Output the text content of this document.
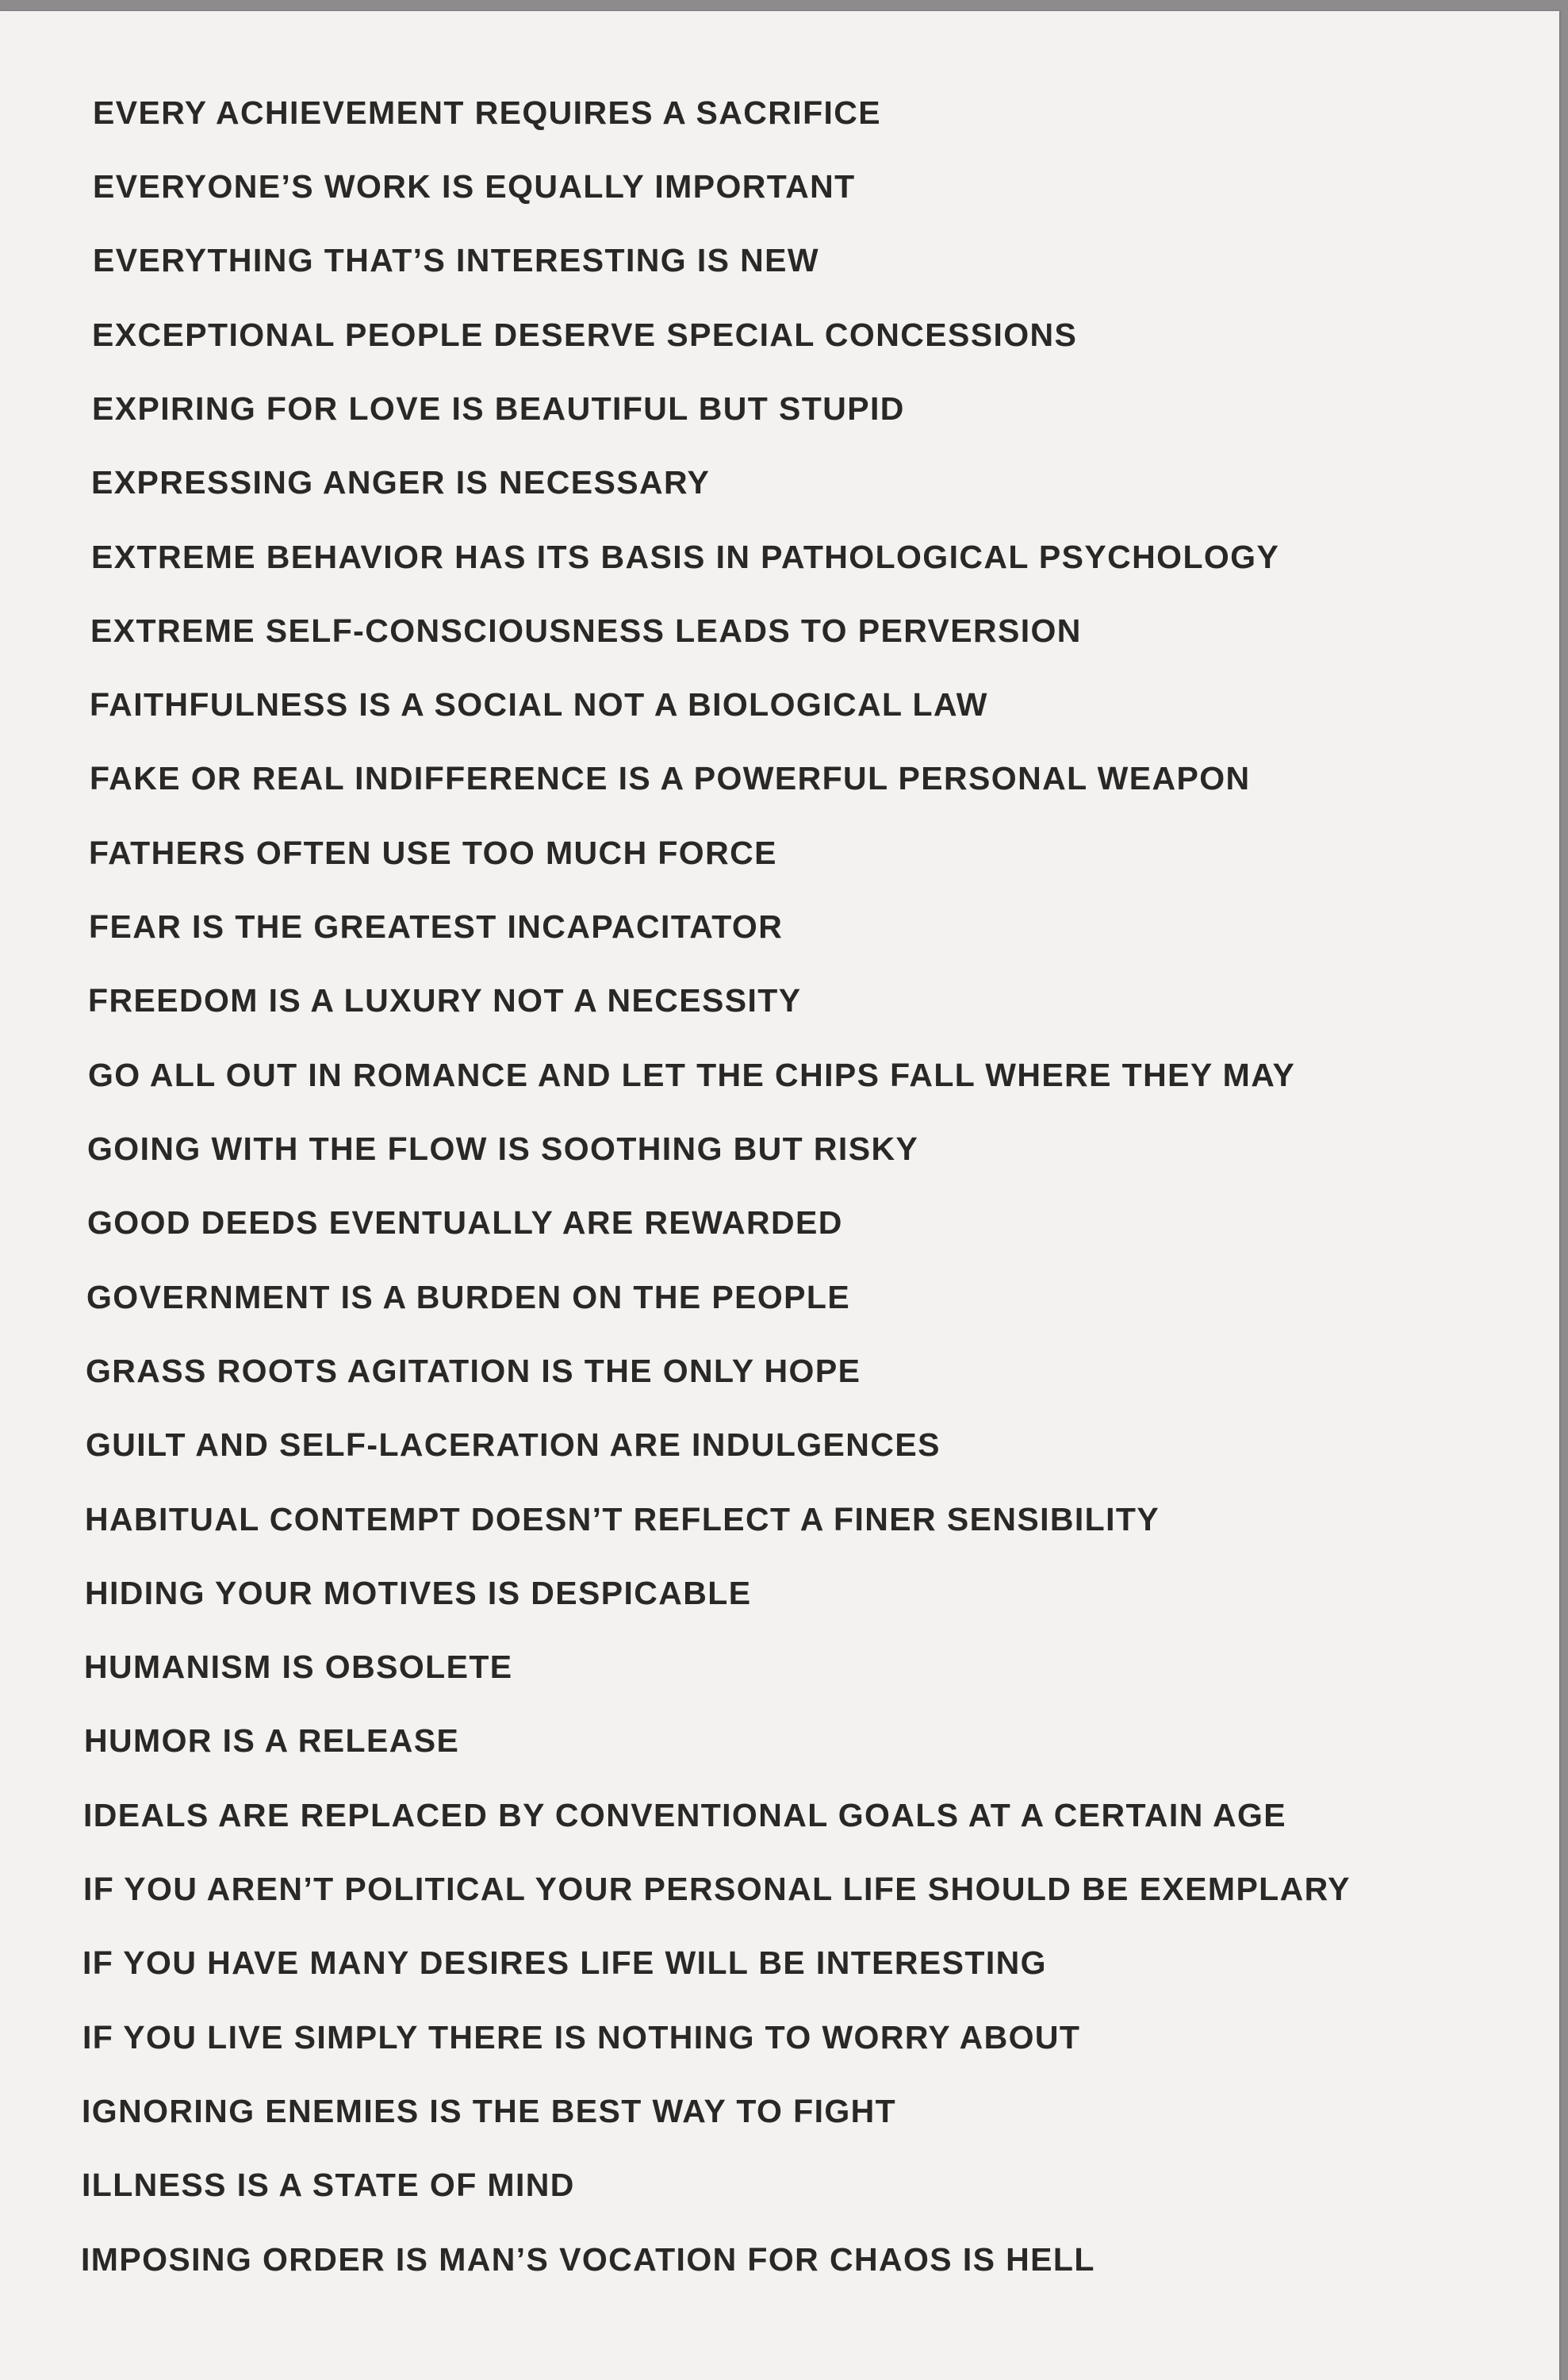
EVERY ACHIEVEMENT REQUIRES A SACRIFICE

EVERYONE’S WORK IS EQUALLY IMPORTANT

EVERYTHING THAT’S INTERESTING IS NEW

EXCEPTIONAL PEOPLE DESERVE SPECIAL CONCESSIONS

EXPIRING FOR LOVE IS BEAUTIFUL BUT STUPID

EXPRESSING ANGER IS NECESSARY

EXTREME BEHAVIOR HAS ITS BASIS IN PATHOLOGICAL PSYCHOLOGY

EXTREME SELF-CONSCIOUSNESS LEADS TO PERVERSION

FAITHFULNESS IS A SOCIAL NOT A BIOLOGICAL LAW

FAKE OR REAL INDIFFERENCE IS A POWERFUL PERSONAL WEAPON

FATHERS OFTEN USE TOO MUCH FORCE

FEAR IS THE GREATEST INCAPACITATOR

FREEDOM IS A LUXURY NOT A NECESSITY

GO ALL OUT IN ROMANCE AND LET THE CHIPS FALL WHERE THEY MAY

GOING WITH THE FLOW IS SOOTHING BUT RISKY

GOOD DEEDS EVENTUALLY ARE REWARDED

GOVERNMENT IS A BURDEN ON THE PEOPLE

GRASS ROOTS AGITATION IS THE ONLY HOPE

GUILT AND SELF-LACERATION ARE INDULGENCES

HABITUAL CONTEMPT DOESN’T REFLECT A FINER SENSIBILITY

HIDING YOUR MOTIVES IS DESPICABLE

HUMANISM IS OBSOLETE

HUMOR IS A RELEASE

IDEALS ARE REPLACED BY CONVENTIONAL GOALS AT A CERTAIN AGE

IF YOU AREN’T POLITICAL YOUR PERSONAL LIFE SHOULD BE EXEMPLARY

IF YOU HAVE MANY DESIRES LIFE WILL BE INTERESTING

IF YOU LIVE SIMPLY THERE IS NOTHING TO WORRY ABOUT

IGNORING ENEMIES IS THE BEST WAY TO FIGHT

ILLNESS IS A STATE OF MIND

IMPOSING ORDER IS MAN’S VOCATION FOR CHAOS IS HELL
